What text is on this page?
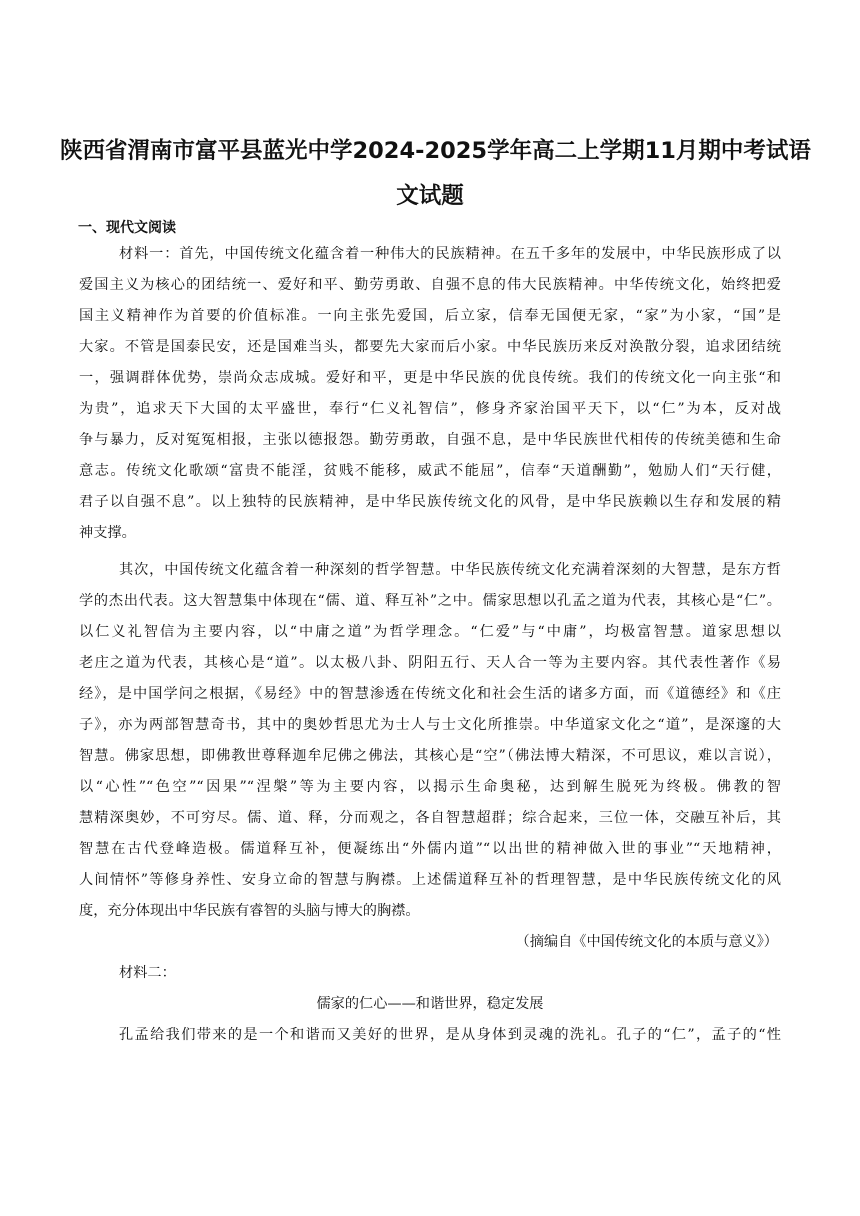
陕西省渭南市富平县蓝光中学2024-2025学年高二上学期11月期中考试语
文试题
一、现代文阅读
材料一：首先，中国传统文化蕴含着一种伟大的民族精神。在五千多年的发展中，中华民族形成了以
爱国主义为核心的团结统一、爱好和平、勤劳勇敢、自强不息的伟大民族精神。中华传统文化，始终把爱
国主义精神作为首要的价值标准。一向主张先爱国，后立家，信奉无国便无家，“家”为小家，“国”是
大家。不管是国泰民安，还是国难当头，都要先大家而后小家。中华民族历来反对涣散分裂，追求团结统
一，强调群体优势，崇尚众志成城。爱好和平，更是中华民族的优良传统。我们的传统文化一向主张“和
为贵”，追求天下大国的太平盛世，奉行“仁义礼智信”，修身齐家治国平天下，以“仁”为本，反对战
争与暴力，反对冤冤相报，主张以德报怨。勤劳勇敢，自强不息，是中华民族世代相传的传统美德和生命
意志。传统文化歌颂“富贵不能淫，贫贱不能移，威武不能屈”，信奉“天道酬勤”，勉励人们“天行健，
君子以自强不息”。以上独特的民族精神，是中华民族传统文化的风骨，是中华民族赖以生存和发展的精
神支撑。
其次，中国传统文化蕴含着一种深刻的哲学智慧。中华民族传统文化充满着深刻的大智慧，是东方哲
学的杰出代表。这大智慧集中体现在“儒、道、释互补”之中。儒家思想以孔孟之道为代表，其核心是“仁”。
以仁义礼智信为主要内容，以“中庸之道”为哲学理念。“仁爱”与“中庸”，均极富智慧。道家思想以
老庄之道为代表，其核心是“道”。以太极八卦、阴阳五行、天人合一等为主要内容。其代表性著作《易
经》，是中国学问之根据，《易经》中的智慧渗透在传统文化和社会生活的诸多方面，而《道德经》和《庄
子》，亦为两部智慧奇书，其中的奥妙哲思尤为士人与士文化所推崇。中华道家文化之“道”，是深邃的大
智慧。佛家思想，即佛教世尊释迦牟尼佛之佛法，其核心是“空”（佛法博大精深，不可思议，难以言说），
以“心性”“色空”“因果”“涅槃”等为主要内容，以揭示生命奥秘，达到解生脱死为终极。佛教的智
慧精深奥妙，不可穷尽。儒、道、释，分而观之，各自智慧超群；综合起来，三位一体，交融互补后，其
智慧在古代登峰造极。儒道释互补，便凝练出“外儒内道”“以出世的精神做入世的事业”“天地精神，
人间情怀”等修身养性、安身立命的智慧与胸襟。上述儒道释互补的哲理智慧，是中华民族传统文化的风
度，充分体现出中华民族有睿智的头脑与博大的胸襟。
（摘编自《中国传统文化的本质与意义》）
材料二：
儒家的仁心——和谐世界，稳定发展
孔孟给我们带来的是一个和谐而又美好的世界，是从身体到灵魂的洗礼。孔子的“仁”，孟子的“性
